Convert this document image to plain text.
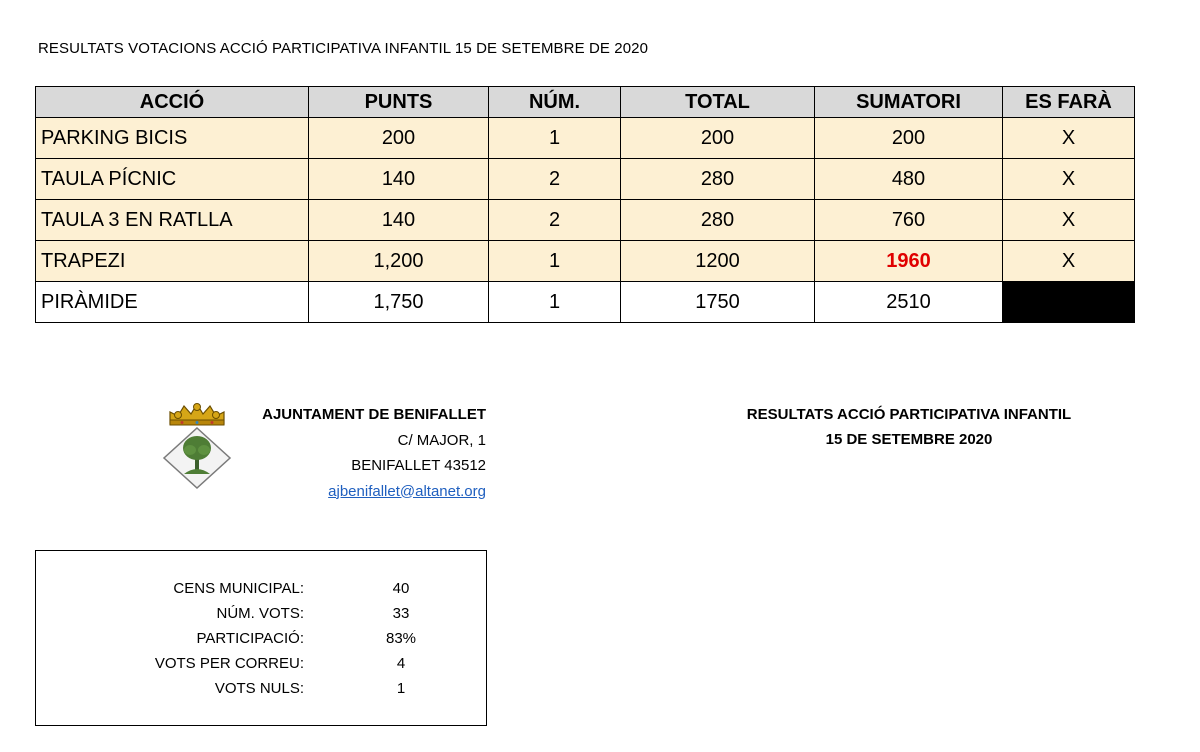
RESULTATS VOTACIONS ACCIÓ PARTICIPATIVA INFANTIL 15 DE SETEMBRE DE 2020
ACCIÓ	PUNTS	NÚM.	TOTAL	SUMATORI	ES FARÀ
PARKING BICIS	200	1	200	200	X
TAULA PÍCNIC	140	2	280	480	X
TAULA 3 EN RATLLA	140	2	280	760	X
TRAPEZI	1,200	1	1200	1960	X
PIRÀMIDE	1,750	1	1750	2510	
AJUNTAMENT DE BENIFALLET
C/ MAJOR, 1
BENIFALLET 43512
ajbenifallet@altanet.org
RESULTATS ACCIÓ PARTICIPATIVA INFANTIL
15 DE SETEMBRE 2020
CENS MUNICIPAL:	40
NÚM. VOTS:	33
PARTICIPACIÓ:	83%
VOTS PER CORREU:	4
VOTS NULS:	1
